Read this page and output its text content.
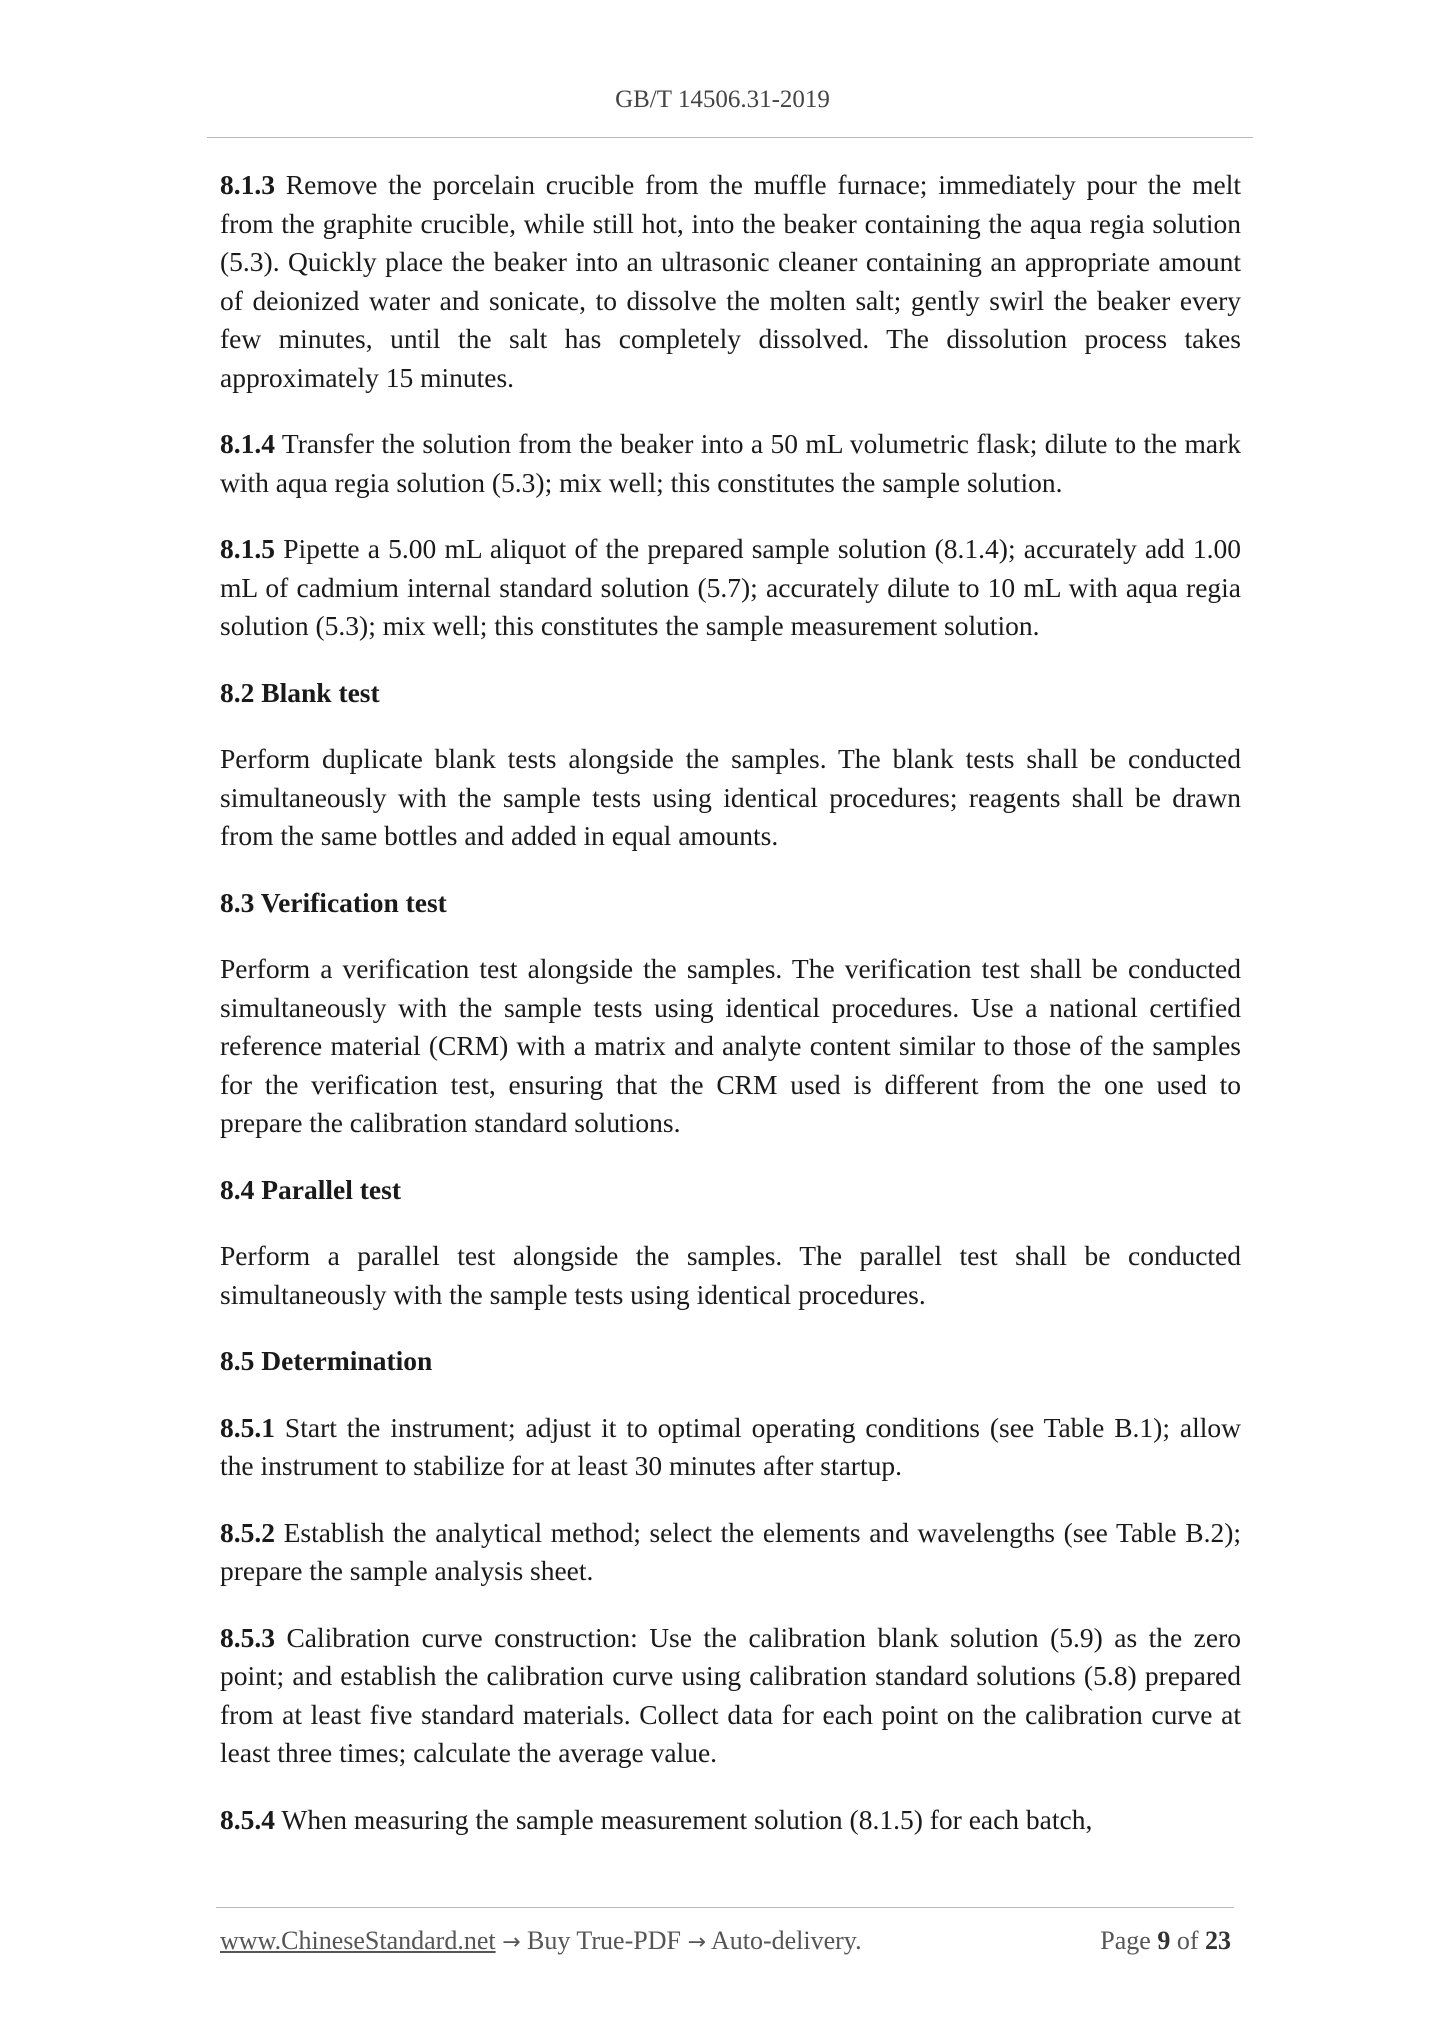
GB/T 14506.31-2019

8.1.3 Remove the porcelain crucible from the muffle furnace; immediately pour the melt from the graphite crucible, while still hot, into the beaker containing the aqua regia solution (5.3). Quickly place the beaker into an ultrasonic cleaner containing an appropriate amount of deionized water and sonicate, to dissolve the molten salt; gently swirl the beaker every few minutes, until the salt has completely dissolved. The dissolution process takes approximately 15 minutes.

8.1.4 Transfer the solution from the beaker into a 50 mL volumetric flask; dilute to the mark with aqua regia solution (5.3); mix well; this constitutes the sample solution.

8.1.5 Pipette a 5.00 mL aliquot of the prepared sample solution (8.1.4); accurately add 1.00 mL of cadmium internal standard solution (5.7); accurately dilute to 10 mL with aqua regia solution (5.3); mix well; this constitutes the sample measurement solution.

8.2 Blank test

Perform duplicate blank tests alongside the samples. The blank tests shall be conducted simultaneously with the sample tests using identical procedures; reagents shall be drawn from the same bottles and added in equal amounts.

8.3 Verification test

Perform a verification test alongside the samples. The verification test shall be conducted simultaneously with the sample tests using identical procedures. Use a national certified reference material (CRM) with a matrix and analyte content similar to those of the samples for the verification test, ensuring that the CRM used is different from the one used to prepare the calibration standard solutions.

8.4 Parallel test

Perform a parallel test alongside the samples. The parallel test shall be conducted simultaneously with the sample tests using identical procedures.

8.5 Determination

8.5.1 Start the instrument; adjust it to optimal operating conditions (see Table B.1); allow the instrument to stabilize for at least 30 minutes after startup.

8.5.2 Establish the analytical method; select the elements and wavelengths (see Table B.2); prepare the sample analysis sheet.

8.5.3 Calibration curve construction: Use the calibration blank solution (5.9) as the zero point; and establish the calibration curve using calibration standard solutions (5.8) prepared from at least five standard materials. Collect data for each point on the calibration curve at least three times; calculate the average value.

8.5.4 When measuring the sample measurement solution (8.1.5) for each batch,

www.ChineseStandard.net → Buy True-PDF → Auto-delivery.	Page 9 of 23
